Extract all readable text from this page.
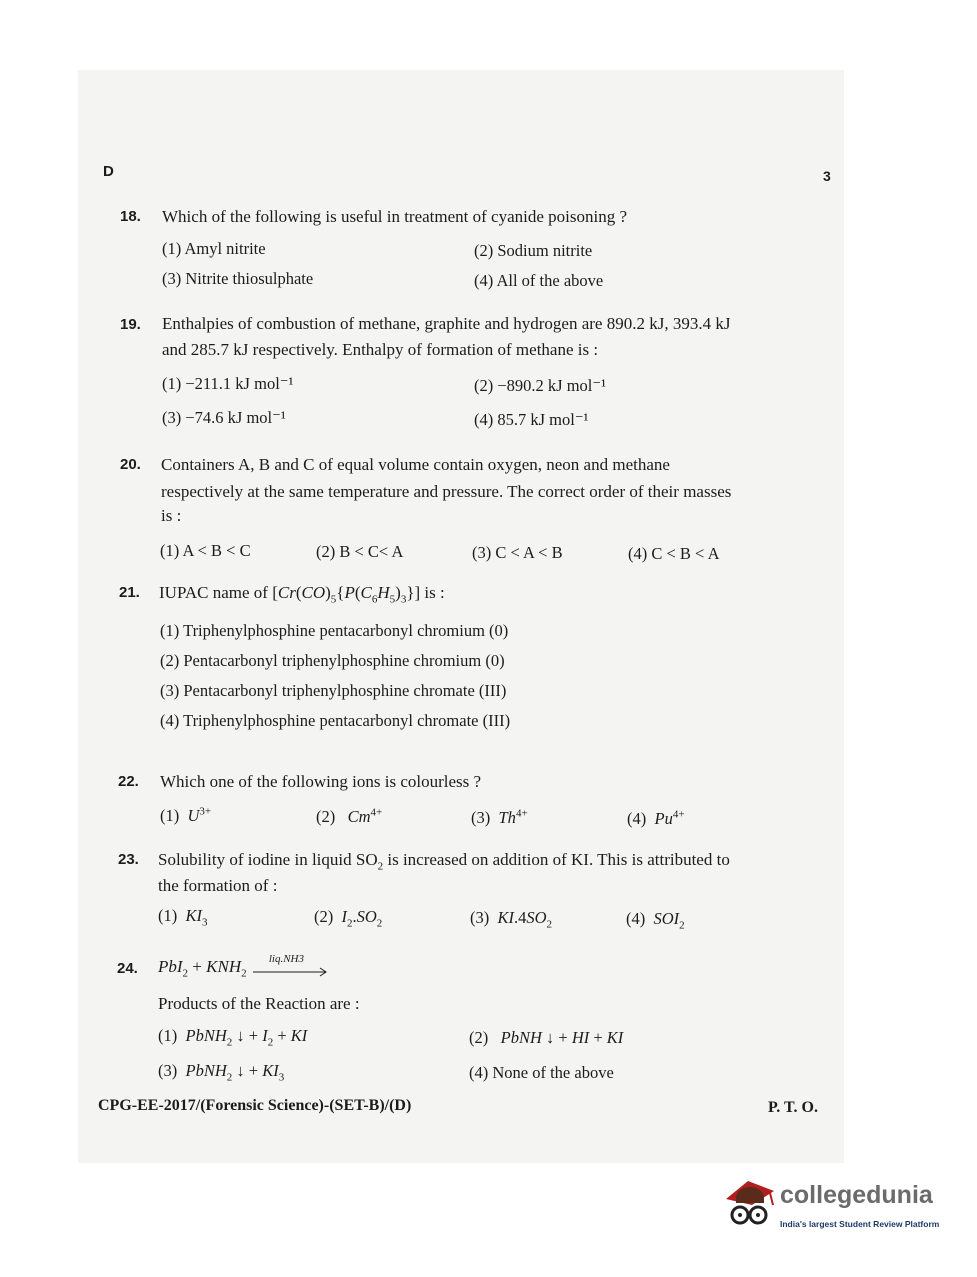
D	3
18. Which of the following is useful in treatment of cyanide poisoning ?
(1) Amyl nitrite	(2) Sodium nitrite
(3) Nitrite thiosulphate	(4) All of the above
19. Enthalpies of combustion of methane, graphite and hydrogen are 890.2 kJ, 393.4 kJ
and 285.7 kJ respectively. Enthalpy of formation of methane is :
(1) −211.1 kJ mol⁻¹	(2) −890.2 kJ mol⁻¹
(3) −74.6 kJ mol⁻¹	(4) 85.7 kJ mol⁻¹
20. Containers A, B and C of equal volume contain oxygen, neon and methane
respectively at the same temperature and pressure. The correct order of their masses
is :
(1) A < B < C	(2) B < C< A	(3) C < A < B	(4) C < B < A
21. IUPAC name of $[Cr(CO)_5\{P(C_6H_5)_3\}]$ is :
(1) Triphenylphosphine pentacarbonyl chromium (0)
(2) Pentacarbonyl triphenylphosphine chromium (0)
(3) Pentacarbonyl triphenylphosphine chromate (III)
(4) Triphenylphosphine pentacarbonyl chromate (III)
22. Which one of the following ions is colourless ?
(1) $U^{3+}$	(2) $Cm^{4+}$	(3) $Th^{4+}$	(4) $Pu^{4+}$
23. Solubility of iodine in liquid $SO_2$ is increased on addition of KI. This is attributed to
the formation of :
(1) $KI_3$	(2) $I_2.SO_2$	(3) $KI.4SO_2$	(4) $SOI_2$
24. $PbI_2 + KNH_2$
liq.NH3
Products of the Reaction are :
(1) PbNH$_2$ ↓ + $I_2$ + KI	(2) PbNH ↓ + HI + KI
(3) PbNH$_2$ ↓ + $KI_3$	(4) None of the above
CPG-EE-2017/(Forensic Science)-(SET-B)/(D)	P. T. O.
collegedunia
India's largest Student Review Platform
